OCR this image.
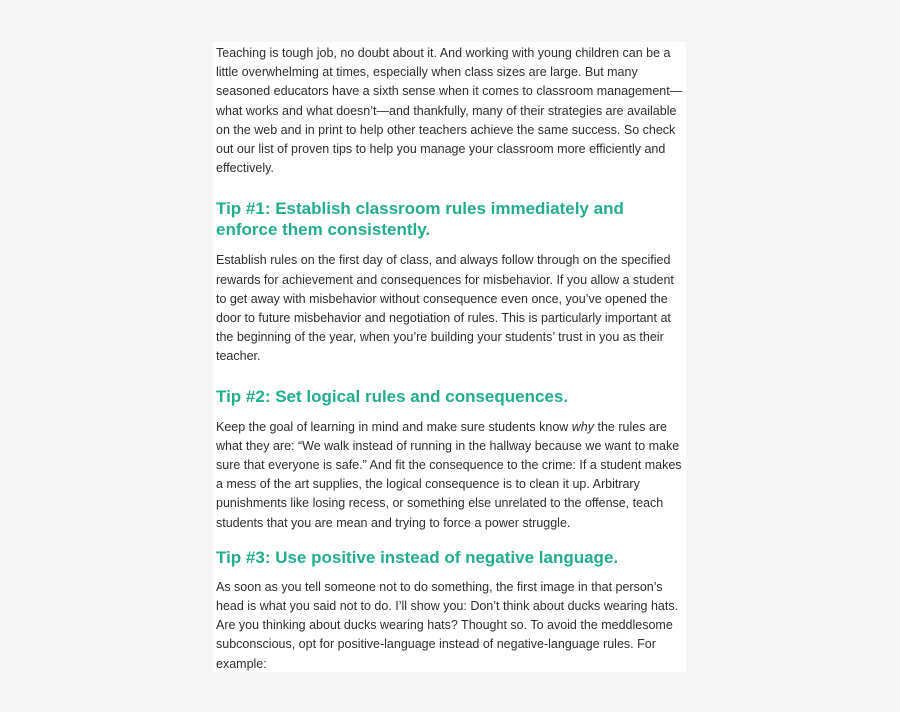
Teaching is tough job, no doubt about it. And working with young children can be a little overwhelming at times, especially when class sizes are large. But many seasoned educators have a sixth sense when it comes to classroom management—what works and what doesn’t—and thankfully, many of their strategies are available on the web and in print to help other teachers achieve the same success. So check out our list of proven tips to help you manage your classroom more efficiently and effectively.

Tip #1: Establish classroom rules immediately and enforce them consistently.

Establish rules on the first day of class, and always follow through on the specified rewards for achievement and consequences for misbehavior. If you allow a student to get away with misbehavior without consequence even once, you’ve opened the door to future misbehavior and negotiation of rules. This is particularly important at the beginning of the year, when you’re building your students’ trust in you as their teacher.

Tip #2: Set logical rules and consequences.

Keep the goal of learning in mind and make sure students know why the rules are what they are: “We walk instead of running in the hallway because we want to make sure that everyone is safe.” And fit the consequence to the crime: If a student makes a mess of the art supplies, the logical consequence is to clean it up. Arbitrary punishments like losing recess, or something else unrelated to the offense, teach students that you are mean and trying to force a power struggle.

Tip #3: Use positive instead of negative language.

As soon as you tell someone not to do something, the first image in that person’s head is what you said not to do. I’ll show you: Don’t think about ducks wearing hats. Are you thinking about ducks wearing hats? Thought so. To avoid the meddlesome subconscious, opt for positive-language instead of negative-language rules. For example:
